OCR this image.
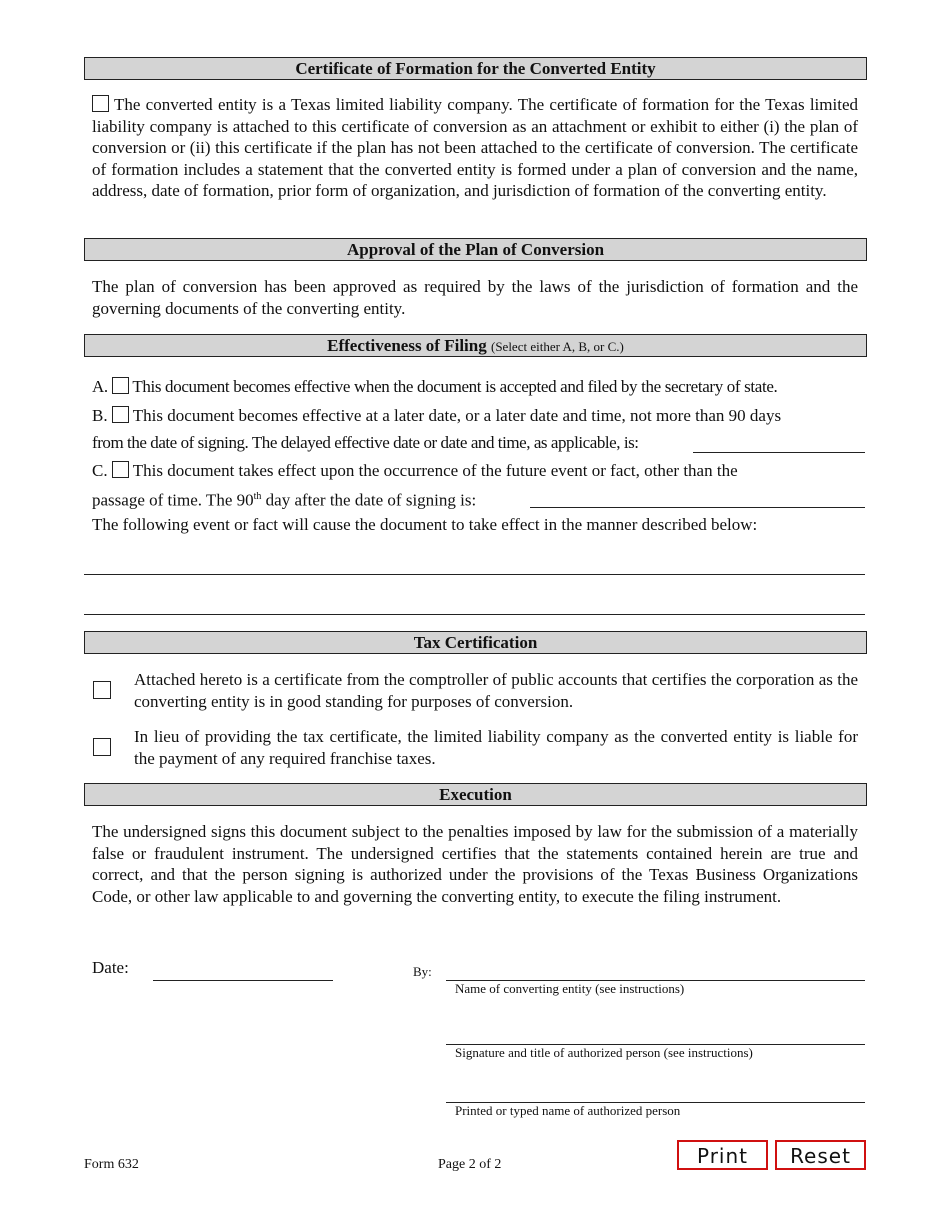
Certificate of Formation for the Converted Entity
The converted entity is a Texas limited liability company. The certificate of formation for the Texas limited liability company is attached to this certificate of conversion as an attachment or exhibit to either (i) the plan of conversion or (ii) this certificate if the plan has not been attached to the certificate of conversion. The certificate of formation includes a statement that the converted entity is formed under a plan of conversion and the name, address, date of formation, prior form of organization, and jurisdiction of formation of the converting entity.
Approval of the Plan of Conversion
The plan of conversion has been approved as required by the laws of the jurisdiction of formation and the governing documents of the converting entity.
Effectiveness of Filing (Select either A, B, or C.)
A. This document becomes effective when the document is accepted and filed by the secretary of state.
B. This document becomes effective at a later date, or a later date and time, not more than 90 days
from the date of signing. The delayed effective date or date and time, as applicable, is:
C. This document takes effect upon the occurrence of the future event or fact, other than the
passage of time. The 90th day after the date of signing is:
The following event or fact will cause the document to take effect in the manner described below:
Tax Certification
Attached hereto is a certificate from the comptroller of public accounts that certifies the corporation as the converting entity is in good standing for purposes of conversion.
In lieu of providing the tax certificate, the limited liability company as the converted entity is liable for the payment of any required franchise taxes.
Execution
The undersigned signs this document subject to the penalties imposed by law for the submission of a materially false or fraudulent instrument. The undersigned certifies that the statements contained herein are true and correct, and that the person signing is authorized under the provisions of the Texas Business Organizations Code, or other law applicable to and governing the converting entity, to execute the filing instrument.
Date:	By:
Name of converting entity (see instructions)
Signature and title of authorized person (see instructions)
Printed or typed name of authorized person
Form 632	Page 2 of 2	Print	Reset
